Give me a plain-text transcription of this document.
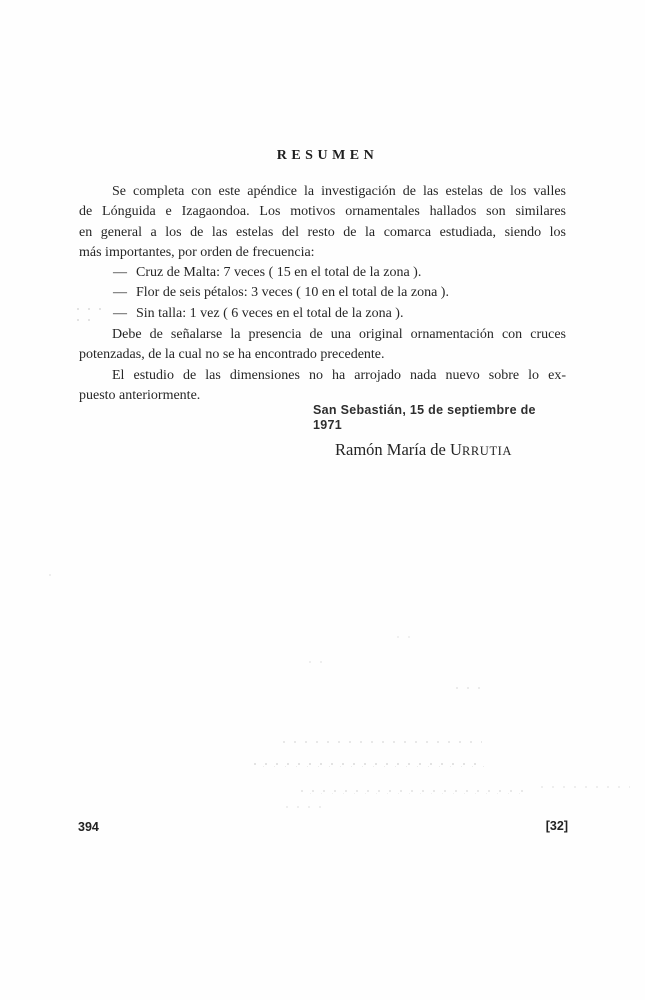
RESUMEN
Se completa con este apéndice la investigación de las estelas de los valles
de Lónguida e Izagaondoa. Los motivos ornamentales hallados son similares
en general a los de las estelas del resto de la comarca estudiada, siendo los
más importantes, por orden de frecuencia:
— Cruz de Malta: 7 veces ( 15 en el total de la zona ).
— Flor de seis pétalos: 3 veces ( 10 en el total de la zona ).
— Sin talla: 1 vez ( 6 veces en el total de la zona ).
Debe de señalarse la presencia de una original ornamentación con cruces
potenzadas, de la cual no se ha encontrado precedente.
El estudio de las dimensiones no ha arrojado nada nuevo sobre lo ex-
puesto anteriormente.
San Sebastián, 15 de septiembre de 1971
Ramón María de URRUTIA
394	[32]
